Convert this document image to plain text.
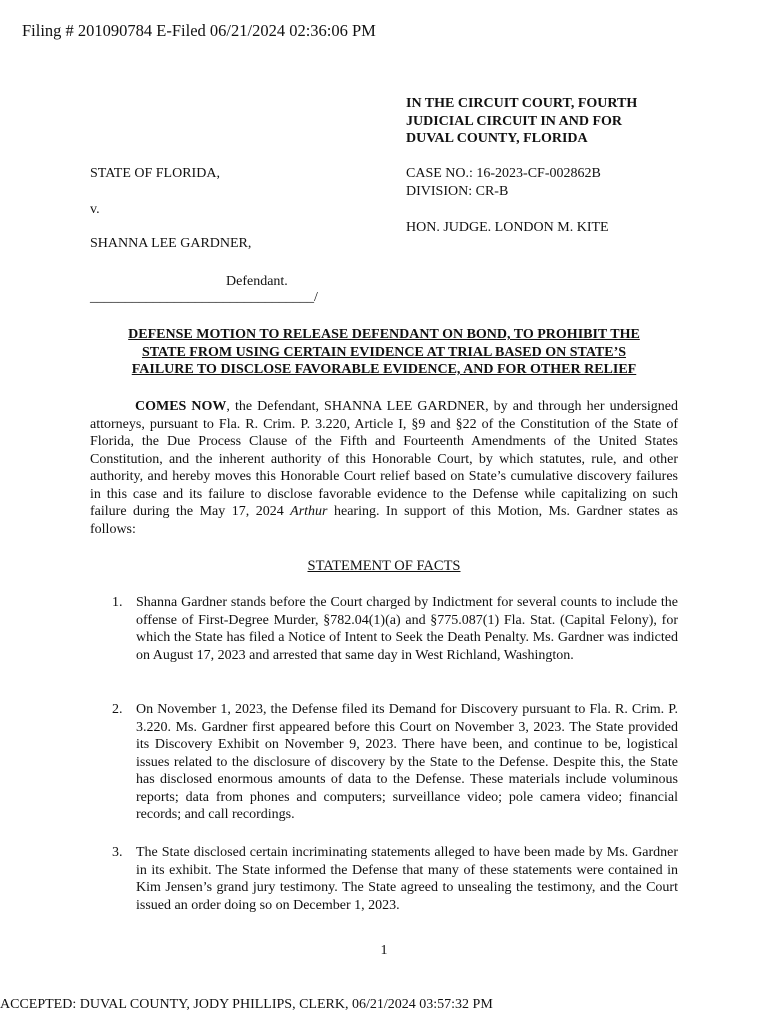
Filing # 201090784 E-Filed 06/21/2024 02:36:06 PM
IN THE CIRCUIT COURT, FOURTH
JUDICIAL CIRCUIT IN AND FOR
DUVAL COUNTY, FLORIDA
STATE OF FLORIDA,
v.
SHANNA LEE GARDNER,
Defendant.
________________________________/
CASE NO.: 16-2023-CF-002862B
DIVISION: CR-B
HON. JUDGE. LONDON M. KITE
DEFENSE MOTION TO RELEASE DEFENDANT ON BOND, TO PROHIBIT THE
STATE FROM USING CERTAIN EVIDENCE AT TRIAL BASED ON STATE’S
FAILURE TO DISCLOSE FAVORABLE EVIDENCE, AND FOR OTHER RELIEF
COMES NOW, the Defendant, SHANNA LEE GARDNER, by and through her undersigned attorneys, pursuant to Fla. R. Crim. P. 3.220, Article I, §9 and §22 of the Constitution of the State of Florida, the Due Process Clause of the Fifth and Fourteenth Amendments of the United States Constitution, and the inherent authority of this Honorable Court, by which statutes, rule, and other authority, and hereby moves this Honorable Court relief based on State’s cumulative discovery failures in this case and its failure to disclose favorable evidence to the Defense while capitalizing on such failure during the May 17, 2024 Arthur hearing. In support of this Motion, Ms. Gardner states as follows:
STATEMENT OF FACTS
1. Shanna Gardner stands before the Court charged by Indictment for several counts to include the offense of First-Degree Murder, §782.04(1)(a) and §775.087(1) Fla. Stat. (Capital Felony), for which the State has filed a Notice of Intent to Seek the Death Penalty. Ms. Gardner was indicted on August 17, 2023 and arrested that same day in West Richland, Washington.
2. On November 1, 2023, the Defense filed its Demand for Discovery pursuant to Fla. R. Crim. P. 3.220. Ms. Gardner first appeared before this Court on November 3, 2023. The State provided its Discovery Exhibit on November 9, 2023. There have been, and continue to be, logistical issues related to the disclosure of discovery by the State to the Defense. Despite this, the State has disclosed enormous amounts of data to the Defense. These materials include voluminous reports; data from phones and computers; surveillance video; pole camera video; financial records; and call recordings.
3. The State disclosed certain incriminating statements alleged to have been made by Ms. Gardner in its exhibit. The State informed the Defense that many of these statements were contained in Kim Jensen’s grand jury testimony. The State agreed to unsealing the testimony, and the Court issued an order doing so on December 1, 2023.
1
ACCEPTED: DUVAL COUNTY, JODY PHILLIPS, CLERK, 06/21/2024 03:57:32 PM
